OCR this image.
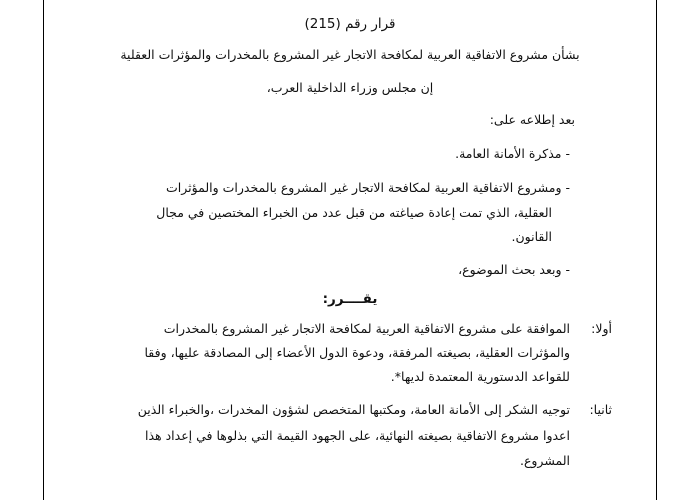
قرار رقم (215)
بشأن مشروع الاتفاقية العربية لمكافحة الاتجار غير المشروع بالمخدرات والمؤثرات العقلية
إن مجلس وزراء الداخلية العرب،
بعد إطلاعه على:
- مذكرة الأمانة العامة.
- ومشروع الاتفاقية العربية لمكافحة الاتجار غير المشروع بالمخدرات والمؤثرات
العقلية، الذي تمت إعادة صياغته من قبل عدد من الخبراء المختصين في مجال
القانون.
- وبعد بحث الموضوع،
يقــــرر:
أولا:
الموافقة على مشروع الاتفاقية العربية لمكافحة الاتجار غير المشروع بالمخدرات
والمؤثرات العقلية، بصيغته المرفقة، ودعوة الدول الأعضاء إلى المصادقة عليها، وفقا
للقواعد الدستورية المعتمدة لديها*.
ثانيا:
توجيه الشكر إلى الأمانة العامة، ومكتبها المتخصص لشؤون المخدرات ،والخبراء الذين
اعدوا مشروع الاتفاقية بصيغته النهائية، على الجهود القيمة التي بذلوها في إعداد هذا
المشروع.
